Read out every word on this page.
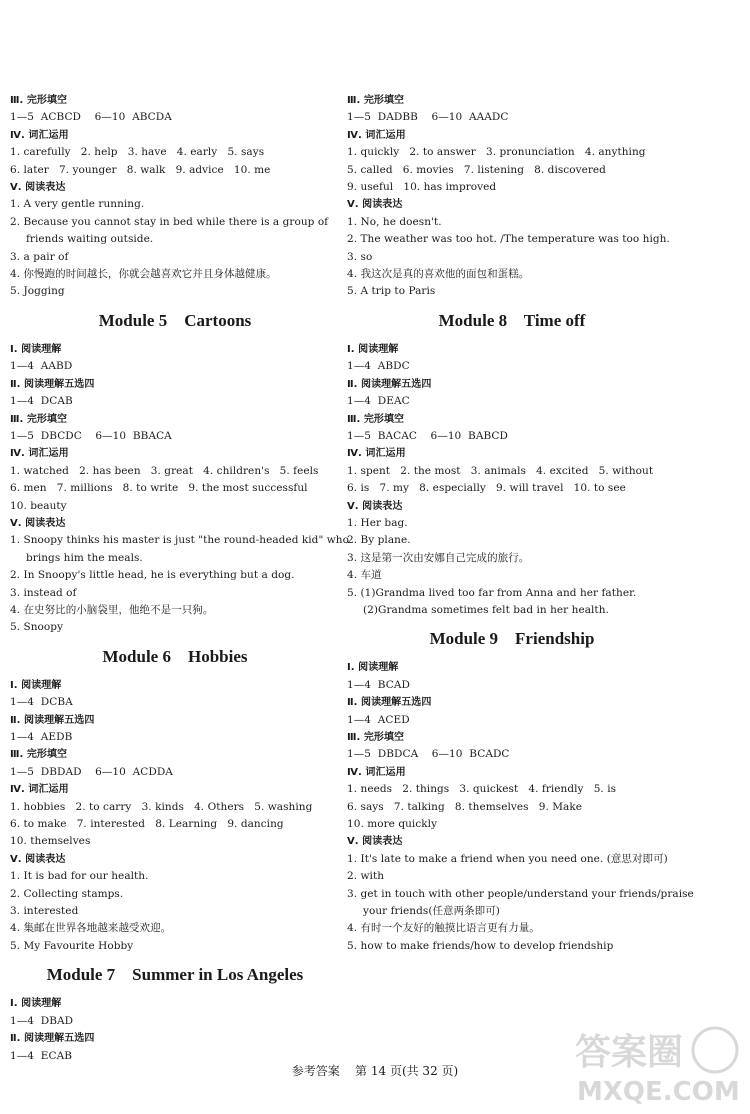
Ⅲ. 完形填空
1—5  ACBCD    6—10  ABCDA
Ⅳ. 词汇运用
1. carefully   2. help   3. have   4. early   5. says
6. later   7. younger   8. walk   9. advice   10. me
Ⅴ. 阅读表达
1. A very gentle running.
2. Because you cannot stay in bed while there is a group of
friends waiting outside.
3. a pair of
4. 你慢跑的时间越长，你就会越喜欢它并且身体越健康。
5. Jogging
Module 5    Cartoons
Ⅰ. 阅读理解
1—4  AABD
Ⅱ. 阅读理解五选四
1—4  DCAB
Ⅲ. 完形填空
1—5  DBCDC    6—10  BBACA
Ⅳ. 词汇运用
1. watched   2. has been   3. great   4. children's   5. feels
6. men   7. millions   8. to write   9. the most successful
10. beauty
Ⅴ. 阅读表达
1. Snoopy thinks his master is just "the round-headed kid" who
brings him the meals.
2. In Snoopy's little head, he is everything but a dog.
3. instead of
4. 在史努比的小脑袋里，他绝不是一只狗。
5. Snoopy
Module 6    Hobbies
Ⅰ. 阅读理解
1—4  DCBA
Ⅱ. 阅读理解五选四
1—4  AEDB
Ⅲ. 完形填空
1—5  DBDAD    6—10  ACDDA
Ⅳ. 词汇运用
1. hobbies   2. to carry   3. kinds   4. Others   5. washing
6. to make   7. interested   8. Learning   9. dancing
10. themselves
Ⅴ. 阅读表达
1. It is bad for our health.
2. Collecting stamps.
3. interested
4. 集邮在世界各地越来越受欢迎。
5. My Favourite Hobby
Module 7    Summer in Los Angeles
Ⅰ. 阅读理解
1—4  DBAD
Ⅱ. 阅读理解五选四
1—4  ECAB
Ⅲ. 完形填空
1—5  DADBB    6—10  AAADC
Ⅳ. 词汇运用
1. quickly   2. to answer   3. pronunciation   4. anything
5. called   6. movies   7. listening   8. discovered
9. useful   10. has improved
Ⅴ. 阅读表达
1. No, he doesn't.
2. The weather was too hot. /The temperature was too high.
3. so
4. 我这次是真的喜欢他的面包和蛋糕。
5. A trip to Paris
Module 8    Time off
Ⅰ. 阅读理解
1—4  ABDC
Ⅱ. 阅读理解五选四
1—4  DEAC
Ⅲ. 完形填空
1—5  BACAC    6—10  BABCD
Ⅳ. 词汇运用
1. spent   2. the most   3. animals   4. excited   5. without
6. is   7. my   8. especially   9. will travel   10. to see
Ⅴ. 阅读表达
1. Her bag.
2. By plane.
3. 这是第一次由安娜自己完成的旅行。
4. 车道
5. (1)Grandma lived too far from Anna and her father.
(2)Grandma sometimes felt bad in her health.
Module 9    Friendship
Ⅰ. 阅读理解
1—4  BCAD
Ⅱ. 阅读理解五选四
1—4  ACED
Ⅲ. 完形填空
1—5  DBDCA    6—10  BCADC
Ⅳ. 词汇运用
1. needs   2. things   3. quickest   4. friendly   5. is
6. says   7. talking   8. themselves   9. Make
10. more quickly
Ⅴ. 阅读表达
1. It's late to make a friend when you need one. (意思对即可)
2. with
3. get in touch with other people/understand your friends/praise
your friends(任意两条即可)
4. 有时一个友好的触摸比语言更有力量。
5. how to make friends/how to develop friendship
参考答案    第 14 页(共 32 页)	答案圈
MXQE.COM
